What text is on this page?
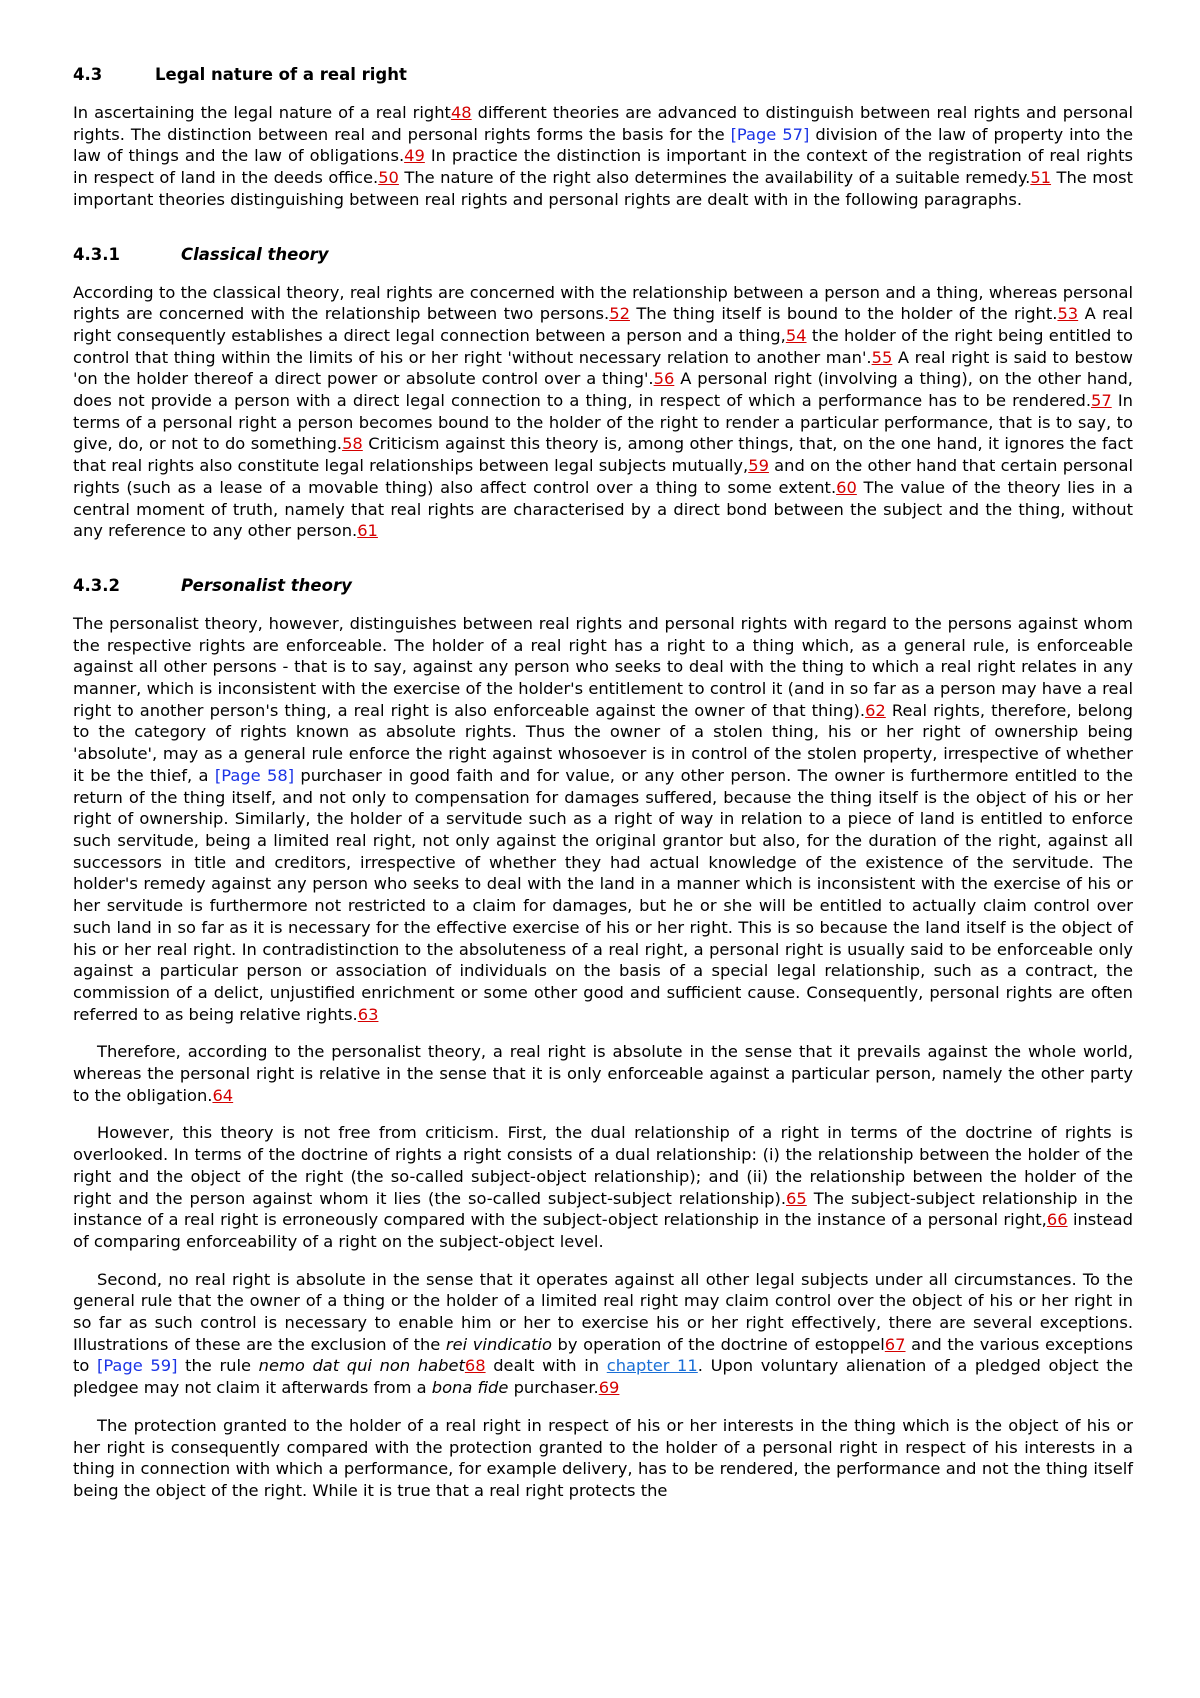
4.3	Legal nature of a real right

In ascertaining the legal nature of a real right48 different theories are advanced to distinguish between real rights and personal rights. The distinction between real and personal rights forms the basis for the [Page 57] division of the law of property into the law of things and the law of obligations.49 In practice the distinction is important in the context of the registration of real rights in respect of land in the deeds office.50 The nature of the right also determines the availability of a suitable remedy.51 The most important theories distinguishing between real rights and personal rights are dealt with in the following paragraphs.

4.3.1	Classical theory

According to the classical theory, real rights are concerned with the relationship between a person and a thing, whereas personal rights are concerned with the relationship between two persons.52 The thing itself is bound to the holder of the right.53 A real right consequently establishes a direct legal connection between a person and a thing,54 the holder of the right being entitled to control that thing within the limits of his or her right 'without necessary relation to another man'.55 A real right is said to bestow 'on the holder thereof a direct power or absolute control over a thing'.56 A personal right (involving a thing), on the other hand, does not provide a person with a direct legal connection to a thing, in respect of which a performance has to be rendered.57 In terms of a personal right a person becomes bound to the holder of the right to render a particular performance, that is to say, to give, do, or not to do something.58 Criticism against this theory is, among other things, that, on the one hand, it ignores the fact that real rights also constitute legal relationships between legal subjects mutually,59 and on the other hand that certain personal rights (such as a lease of a movable thing) also affect control over a thing to some extent.60 The value of the theory lies in a central moment of truth, namely that real rights are characterised by a direct bond between the subject and the thing, without any reference to any other person.61

4.3.2	Personalist theory

The personalist theory, however, distinguishes between real rights and personal rights with regard to the persons against whom the respective rights are enforceable. The holder of a real right has a right to a thing which, as a general rule, is enforceable against all other persons - that is to say, against any person who seeks to deal with the thing to which a real right relates in any manner, which is inconsistent with the exercise of the holder's entitlement to control it (and in so far as a person may have a real right to another person's thing, a real right is also enforceable against the owner of that thing).62 Real rights, therefore, belong to the category of rights known as absolute rights. Thus the owner of a stolen thing, his or her right of ownership being 'absolute', may as a general rule enforce the right against whosoever is in control of the stolen property, irrespective of whether it be the thief, a [Page 58] purchaser in good faith and for value, or any other person. The owner is furthermore entitled to the return of the thing itself, and not only to compensation for damages suffered, because the thing itself is the object of his or her right of ownership. Similarly, the holder of a servitude such as a right of way in relation to a piece of land is entitled to enforce such servitude, being a limited real right, not only against the original grantor but also, for the duration of the right, against all successors in title and creditors, irrespective of whether they had actual knowledge of the existence of the servitude. The holder's remedy against any person who seeks to deal with the land in a manner which is inconsistent with the exercise of his or her servitude is furthermore not restricted to a claim for damages, but he or she will be entitled to actually claim control over such land in so far as it is necessary for the effective exercise of his or her right. This is so because the land itself is the object of his or her real right. In contradistinction to the absoluteness of a real right, a personal right is usually said to be enforceable only against a particular person or association of individuals on the basis of a special legal relationship, such as a contract, the commission of a delict, unjustified enrichment or some other good and sufficient cause. Consequently, personal rights are often referred to as being relative rights.63

Therefore, according to the personalist theory, a real right is absolute in the sense that it prevails against the whole world, whereas the personal right is relative in the sense that it is only enforceable against a particular person, namely the other party to the obligation.64

However, this theory is not free from criticism. First, the dual relationship of a right in terms of the doctrine of rights is overlooked. In terms of the doctrine of rights a right consists of a dual relationship: (i) the relationship between the holder of the right and the object of the right (the so-called subject-object relationship); and (ii) the relationship between the holder of the right and the person against whom it lies (the so-called subject-subject relationship).65 The subject-subject relationship in the instance of a real right is erroneously compared with the subject-object relationship in the instance of a personal right,66 instead of comparing enforceability of a right on the subject-object level.

Second, no real right is absolute in the sense that it operates against all other legal subjects under all circumstances. To the general rule that the owner of a thing or the holder of a limited real right may claim control over the object of his or her right in so far as such control is necessary to enable him or her to exercise his or her right effectively, there are several exceptions. Illustrations of these are the exclusion of the rei vindicatio by operation of the doctrine of estoppel67 and the various exceptions to [Page 59] the rule nemo dat qui non habet68 dealt with in chapter 11. Upon voluntary alienation of a pledged object the pledgee may not claim it afterwards from a bona fide purchaser.69

The protection granted to the holder of a real right in respect of his or her interests in the thing which is the object of his or her right is consequently compared with the protection granted to the holder of a personal right in respect of his interests in a thing in connection with which a performance, for example delivery, has to be rendered, the performance and not the thing itself being the object of the right. While it is true that a real right protects the
